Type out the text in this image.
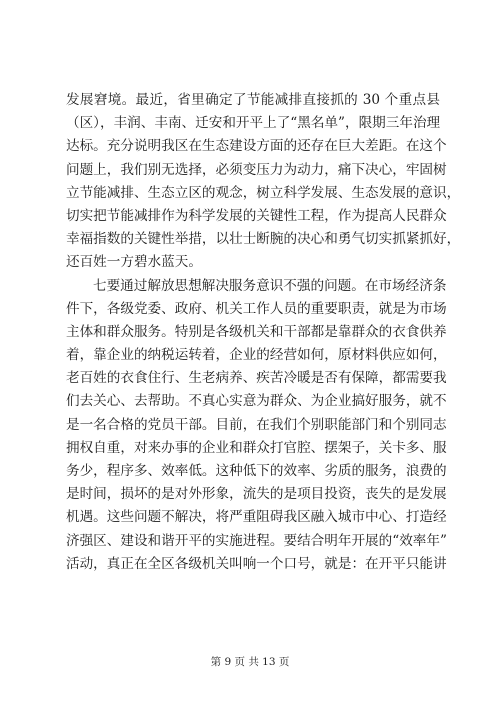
发展窘境。最近，省里确定了节能减排直接抓的 30 个重点县
（区），丰润、丰南、迁安和开平上了“黑名单”，限期三年治理
达标。充分说明我区在生态建设方面的还存在巨大差距。在这个
问题上，我们别无选择，必须变压力为动力，痛下决心，牢固树
立节能减排、生态立区的观念，树立科学发展、生态发展的意识，
切实把节能减排作为科学发展的关键性工程，作为提高人民群众
幸福指数的关键性举措，以壮士断腕的决心和勇气切实抓紧抓好，
还百姓一方碧水蓝天。
七要通过解放思想解决服务意识不强的问题。在市场经济条
件下，各级党委、政府、机关工作人员的重要职责，就是为市场
主体和群众服务。特别是各级机关和干部都是靠群众的衣食供养
着，靠企业的纳税运转着，企业的经营如何，原材料供应如何，
老百姓的衣食住行、生老病养、疾苦冷暖是否有保障，都需要我
们去关心、去帮助。不真心实意为群众、为企业搞好服务，就不
是一名合格的党员干部。目前，在我们个别职能部门和个别同志
拥权自重，对来办事的企业和群众打官腔、摆架子，关卡多、服
务少，程序多、效率低。这种低下的效率、劣质的服务，浪费的
是时间，损坏的是对外形象，流失的是项目投资，丧失的是发展
机遇。这些问题不解决，将严重阻碍我区融入城市中心、打造经
济强区、建设和谐开平的实施进程。要结合明年开展的“效率年”
活动，真正在全区各级机关叫响一个口号，就是：在开平只能讲
第 9 页 共 13 页
